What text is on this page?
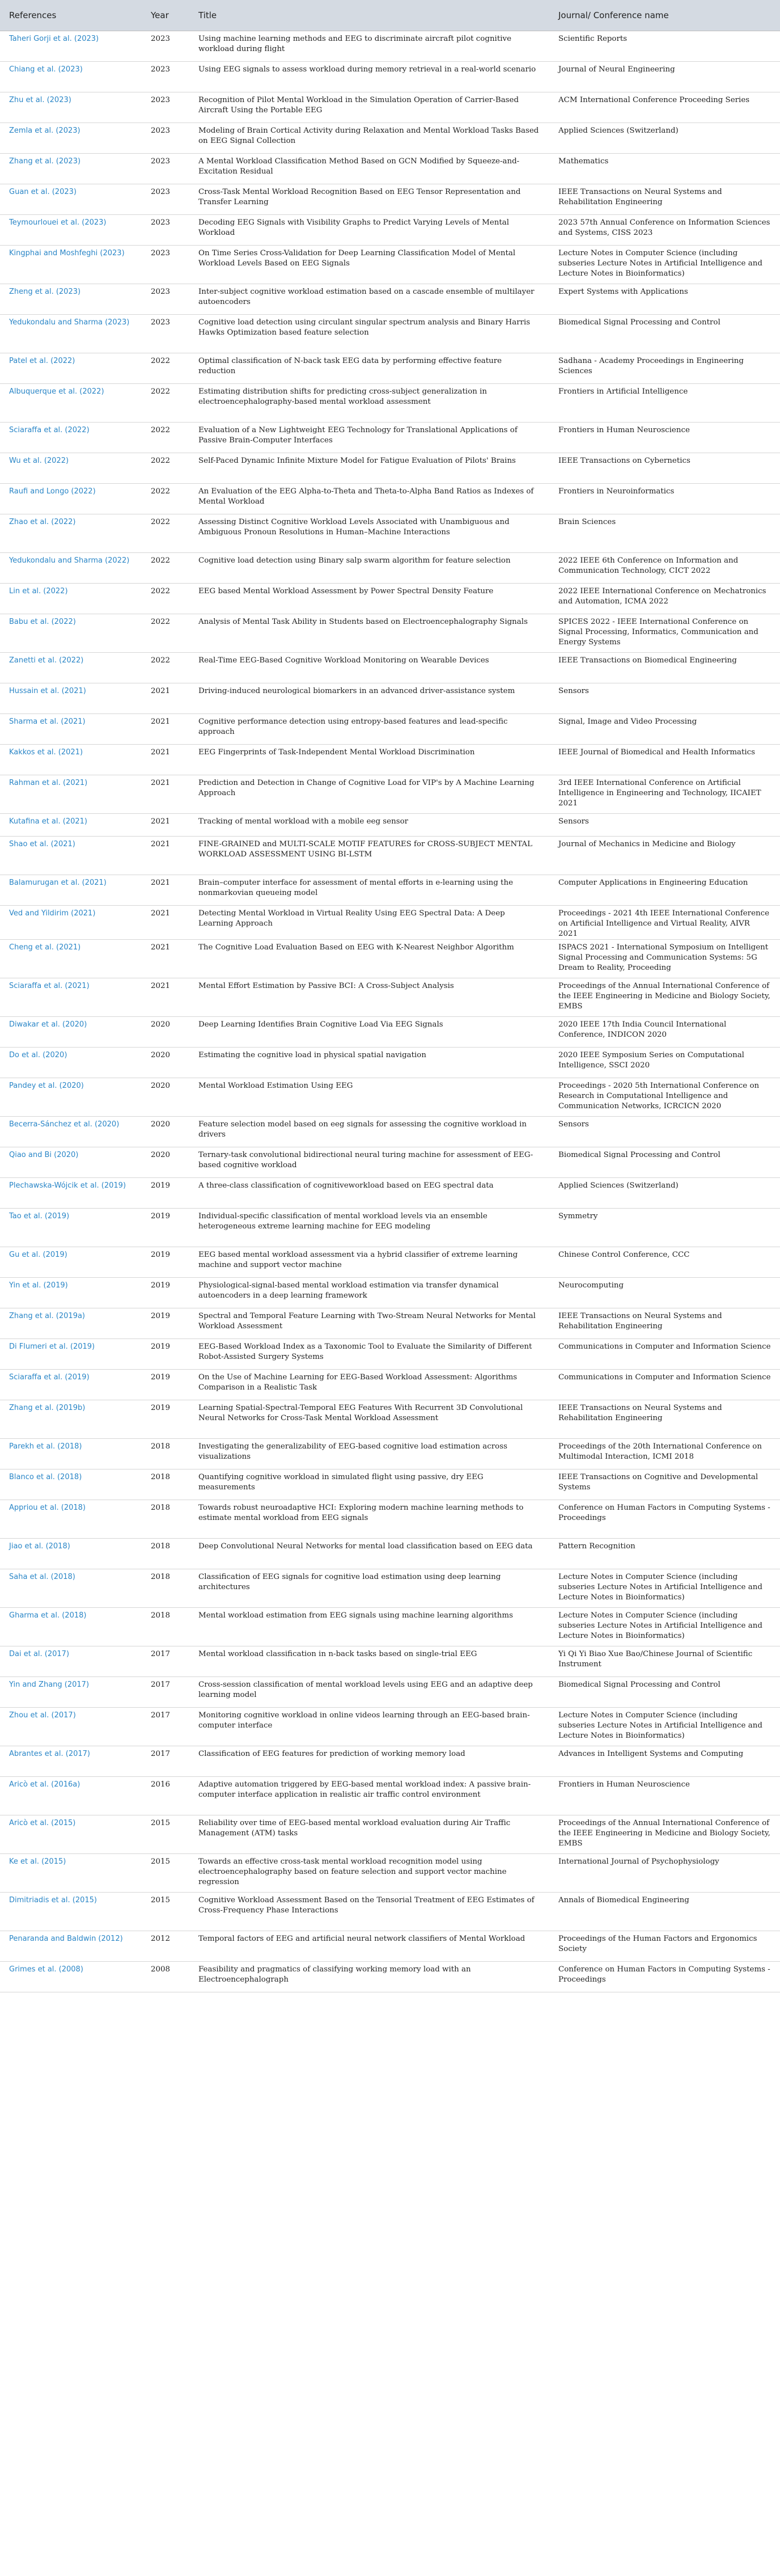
References	Year	Title	Journal/ Conference name
Taheri Gorji et al. (2023)	2023	Using machine learning methods and EEG to discriminate aircraft pilot cognitive workload during flight	Scientific Reports
Chiang et al. (2023)	2023	Using EEG signals to assess workload during memory retrieval in a real-world scenario	Journal of Neural Engineering
Zhu et al. (2023)	2023	Recognition of Pilot Mental Workload in the Simulation Operation of Carrier-Based Aircraft Using the Portable EEG	ACM International Conference Proceeding Series
Zemla et al. (2023)	2023	Modeling of Brain Cortical Activity during Relaxation and Mental Workload Tasks Based on EEG Signal Collection	Applied Sciences (Switzerland)
Zhang et al. (2023)	2023	A Mental Workload Classification Method Based on GCN Modified by Squeeze-and-Excitation Residual	Mathematics
Guan et al. (2023)	2023	Cross-Task Mental Workload Recognition Based on EEG Tensor Representation and Transfer Learning	IEEE Transactions on Neural Systems and Rehabilitation Engineering
Teymourlouei et al. (2023)	2023	Decoding EEG Signals with Visibility Graphs to Predict Varying Levels of Mental Workload	2023 57th Annual Conference on Information Sciences and Systems, CISS 2023
Kingphai and Moshfeghi (2023)	2023	On Time Series Cross-Validation for Deep Learning Classification Model of Mental Workload Levels Based on EEG Signals	Lecture Notes in Computer Science (including subseries Lecture Notes in Artificial Intelligence and Lecture Notes in Bioinformatics)
Zheng et al. (2023)	2023	Inter-subject cognitive workload estimation based on a cascade ensemble of multilayer autoencoders	Expert Systems with Applications
Yedukondalu and Sharma (2023)	2023	Cognitive load detection using circulant singular spectrum analysis and Binary Harris Hawks Optimization based feature selection	Biomedical Signal Processing and Control
Patel et al. (2022)	2022	Optimal classification of N-back task EEG data by performing effective feature reduction	Sadhana - Academy Proceedings in Engineering Sciences
Albuquerque et al. (2022)	2022	Estimating distribution shifts for predicting cross-subject generalization in electroencephalography-based mental workload assessment	Frontiers in Artificial Intelligence
Sciaraffa et al. (2022)	2022	Evaluation of a New Lightweight EEG Technology for Translational Applications of Passive Brain-Computer Interfaces	Frontiers in Human Neuroscience
Wu et al. (2022)	2022	Self-Paced Dynamic Infinite Mixture Model for Fatigue Evaluation of Pilots' Brains	IEEE Transactions on Cybernetics
Raufi and Longo (2022)	2022	An Evaluation of the EEG Alpha-to-Theta and Theta-to-Alpha Band Ratios as Indexes of Mental Workload	Frontiers in Neuroinformatics
Zhao et al. (2022)	2022	Assessing Distinct Cognitive Workload Levels Associated with Unambiguous and Ambiguous Pronoun Resolutions in Human–Machine Interactions	Brain Sciences
Yedukondalu and Sharma (2022)	2022	Cognitive load detection using Binary salp swarm algorithm for feature selection	2022 IEEE 6th Conference on Information and Communication Technology, CICT 2022
Lin et al. (2022)	2022	EEG based Mental Workload Assessment by Power Spectral Density Feature	2022 IEEE International Conference on Mechatronics and Automation, ICMA 2022
Babu et al. (2022)	2022	Analysis of Mental Task Ability in Students based on Electroencephalography Signals	SPICES 2022 - IEEE International Conference on Signal Processing, Informatics, Communication and Energy Systems
Zanetti et al. (2022)	2022	Real-Time EEG-Based Cognitive Workload Monitoring on Wearable Devices	IEEE Transactions on Biomedical Engineering
Hussain et al. (2021)	2021	Driving-induced neurological biomarkers in an advanced driver-assistance system	Sensors
Sharma et al. (2021)	2021	Cognitive performance detection using entropy-based features and lead-specific approach	Signal, Image and Video Processing
Kakkos et al. (2021)	2021	EEG Fingerprints of Task-Independent Mental Workload Discrimination	IEEE Journal of Biomedical and Health Informatics
Rahman et al. (2021)	2021	Prediction and Detection in Change of Cognitive Load for VIP's by A Machine Learning Approach	3rd IEEE International Conference on Artificial Intelligence in Engineering and Technology, IICAIET 2021
Kutafina et al. (2021)	2021	Tracking of mental workload with a mobile eeg sensor	Sensors
Shao et al. (2021)	2021	FINE-GRAINED and MULTI-SCALE MOTIF FEATURES for CROSS-SUBJECT MENTAL WORKLOAD ASSESSMENT USING BI-LSTM	Journal of Mechanics in Medicine and Biology
Balamurugan et al. (2021)	2021	Brain–computer interface for assessment of mental efforts in e-learning using the nonmarkovian queueing model	Computer Applications in Engineering Education
Ved and Yildirim (2021)	2021	Detecting Mental Workload in Virtual Reality Using EEG Spectral Data: A Deep Learning Approach	Proceedings - 2021 4th IEEE International Conference on Artificial Intelligence and Virtual Reality, AIVR 2021
Cheng et al. (2021)	2021	The Cognitive Load Evaluation Based on EEG with K-Nearest Neighbor Algorithm	ISPACS 2021 - International Symposium on Intelligent Signal Processing and Communication Systems: 5G Dream to Reality, Proceeding
Sciaraffa et al. (2021)	2021	Mental Effort Estimation by Passive BCI: A Cross-Subject Analysis	Proceedings of the Annual International Conference of the IEEE Engineering in Medicine and Biology Society, EMBS
Diwakar et al. (2020)	2020	Deep Learning Identifies Brain Cognitive Load Via EEG Signals	2020 IEEE 17th India Council International Conference, INDICON 2020
Do et al. (2020)	2020	Estimating the cognitive load in physical spatial navigation	2020 IEEE Symposium Series on Computational Intelligence, SSCI 2020
Pandey et al. (2020)	2020	Mental Workload Estimation Using EEG	Proceedings - 2020 5th International Conference on Research in Computational Intelligence and Communication Networks, ICRCICN 2020
Becerra-Sánchez et al. (2020)	2020	Feature selection model based on eeg signals for assessing the cognitive workload in drivers	Sensors
Qiao and Bi (2020)	2020	Ternary-task convolutional bidirectional neural turing machine for assessment of EEG-based cognitive workload	Biomedical Signal Processing and Control
Plechawska-Wójcik et al. (2019)	2019	A three-class classification of cognitiveworkload based on EEG spectral data	Applied Sciences (Switzerland)
Tao et al. (2019)	2019	Individual-specific classification of mental workload levels via an ensemble heterogeneous extreme learning machine for EEG modeling	Symmetry
Gu et al. (2019)	2019	EEG based mental workload assessment via a hybrid classifier of extreme learning machine and support vector machine	Chinese Control Conference, CCC
Yin et al. (2019)	2019	Physiological-signal-based mental workload estimation via transfer dynamical autoencoders in a deep learning framework	Neurocomputing
Zhang et al. (2019a)	2019	Spectral and Temporal Feature Learning with Two-Stream Neural Networks for Mental Workload Assessment	IEEE Transactions on Neural Systems and Rehabilitation Engineering
Di Flumeri et al. (2019)	2019	EEG-Based Workload Index as a Taxonomic Tool to Evaluate the Similarity of Different Robot-Assisted Surgery Systems	Communications in Computer and Information Science
Sciaraffa et al. (2019)	2019	On the Use of Machine Learning for EEG-Based Workload Assessment: Algorithms Comparison in a Realistic Task	Communications in Computer and Information Science
Zhang et al. (2019b)	2019	Learning Spatial-Spectral-Temporal EEG Features With Recurrent 3D Convolutional Neural Networks for Cross-Task Mental Workload Assessment	IEEE Transactions on Neural Systems and Rehabilitation Engineering
Parekh et al. (2018)	2018	Investigating the generalizability of EEG-based cognitive load estimation across visualizations	Proceedings of the 20th International Conference on Multimodal Interaction, ICMI 2018
Blanco et al. (2018)	2018	Quantifying cognitive workload in simulated flight using passive, dry EEG measurements	IEEE Transactions on Cognitive and Developmental Systems
Appriou et al. (2018)	2018	Towards robust neuroadaptive HCI: Exploring modern machine learning methods to estimate mental workload from EEG signals	Conference on Human Factors in Computing Systems - Proceedings
Jiao et al. (2018)	2018	Deep Convolutional Neural Networks for mental load classification based on EEG data	Pattern Recognition
Saha et al. (2018)	2018	Classification of EEG signals for cognitive load estimation using deep learning architectures	Lecture Notes in Computer Science (including subseries Lecture Notes in Artificial Intelligence and Lecture Notes in Bioinformatics)
Gharma et al. (2018)	2018	Mental workload estimation from EEG signals using machine learning algorithms	Lecture Notes in Computer Science (including subseries Lecture Notes in Artificial Intelligence and Lecture Notes in Bioinformatics)
Dai et al. (2017)	2017	Mental workload classification in n-back tasks based on single-trial EEG	Yi Qi Yi Biao Xue Bao/Chinese Journal of Scientific Instrument
Yin and Zhang (2017)	2017	Cross-session classification of mental workload levels using EEG and an adaptive deep learning model	Biomedical Signal Processing and Control
Zhou et al. (2017)	2017	Monitoring cognitive workload in online videos learning through an EEG-based brain-computer interface	Lecture Notes in Computer Science (including subseries Lecture Notes in Artificial Intelligence and Lecture Notes in Bioinformatics)
Abrantes et al. (2017)	2017	Classification of EEG features for prediction of working memory load	Advances in Intelligent Systems and Computing
Aricò et al. (2016a)	2016	Adaptive automation triggered by EEG-based mental workload index: A passive brain-computer interface application in realistic air traffic control environment	Frontiers in Human Neuroscience
Aricò et al. (2015)	2015	Reliability over time of EEG-based mental workload evaluation during Air Traffic Management (ATM) tasks	Proceedings of the Annual International Conference of the IEEE Engineering in Medicine and Biology Society, EMBS
Ke et al. (2015)	2015	Towards an effective cross-task mental workload recognition model using electroencephalography based on feature selection and support vector machine regression	International Journal of Psychophysiology
Dimitriadis et al. (2015)	2015	Cognitive Workload Assessment Based on the Tensorial Treatment of EEG Estimates of Cross-Frequency Phase Interactions	Annals of Biomedical Engineering
Penaranda and Baldwin (2012)	2012	Temporal factors of EEG and artificial neural network classifiers of Mental Workload	Proceedings of the Human Factors and Ergonomics Society
Grimes et al. (2008)	2008	Feasibility and pragmatics of classifying working memory load with an Electroencephalograph	Conference on Human Factors in Computing Systems - Proceedings
